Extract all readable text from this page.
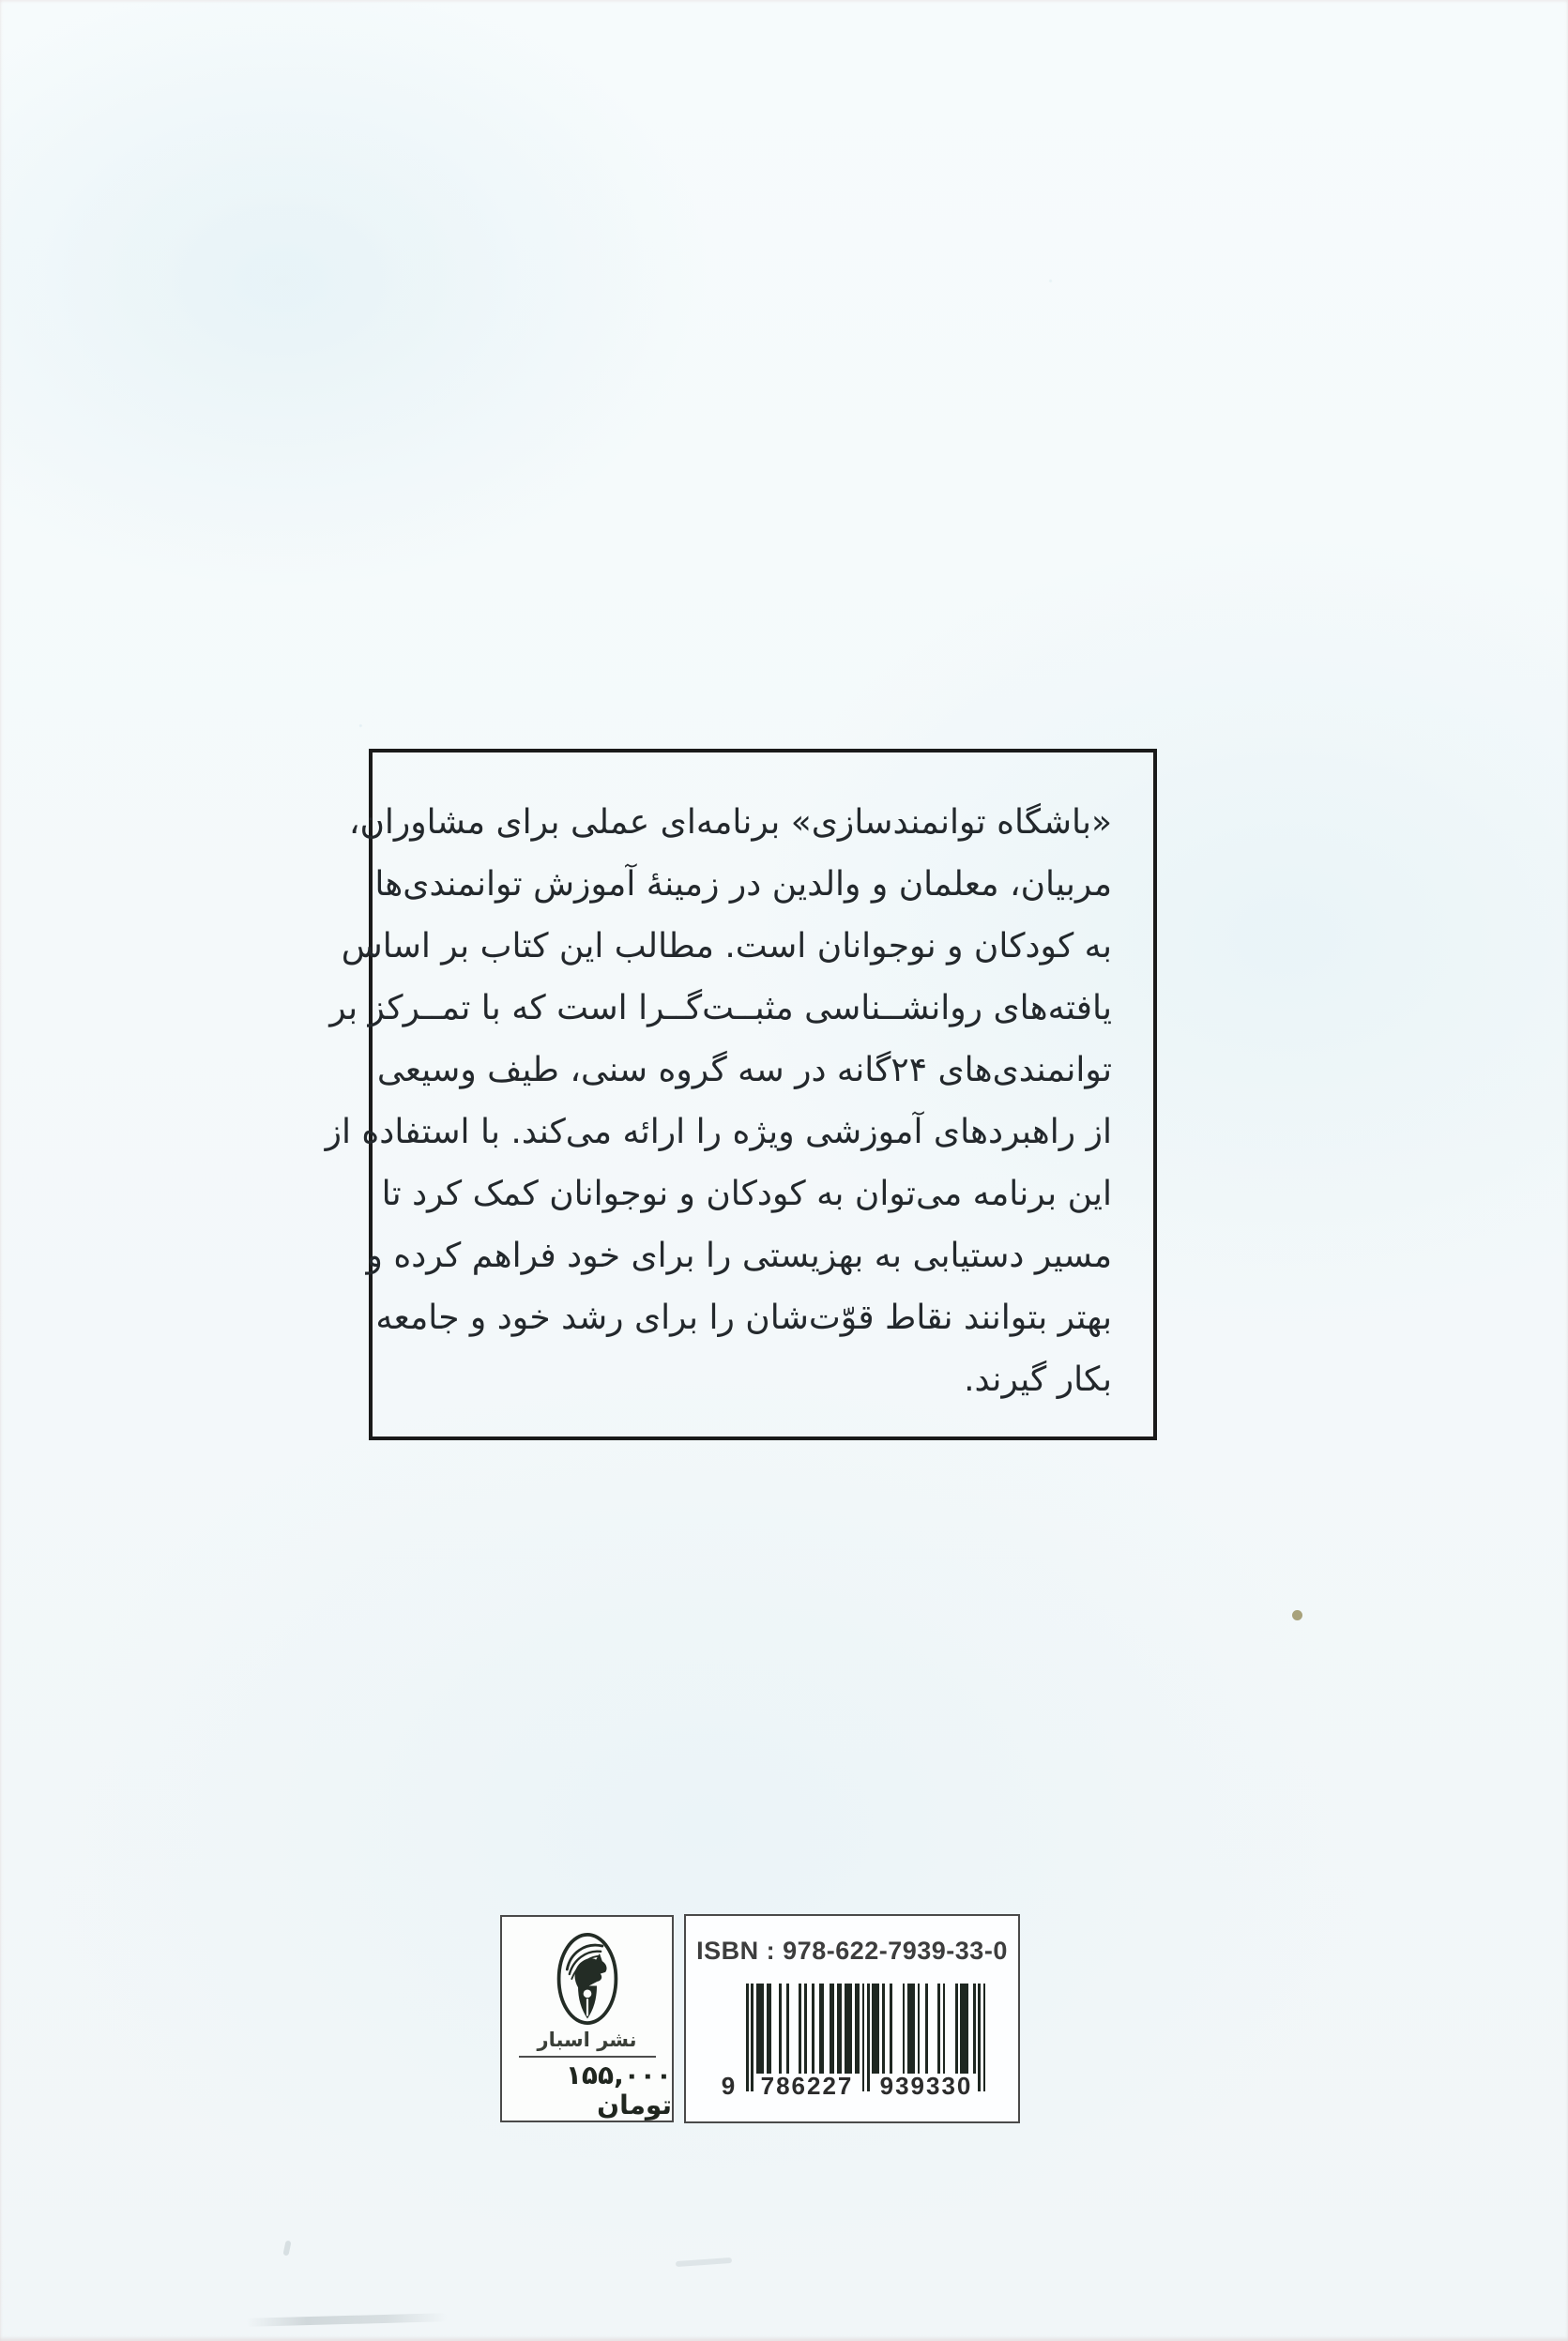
«باشگاه توانمندسازی» برنامه‌ای عملی برای مشاوران،
مربیان، معلمان و والدین در زمینهٔ آموزش توانمندی‌ها
به کودکان و نوجوانان است. مطالب این کتاب بر اساس
یافته‌های روانشــناسی مثبــت‌گــرا است که با تمــرکز بر
توانمندی‌های ۲۴گانه در سه گروه سنی، طیف وسیعی
از راهبردهای آموزشی ویژه را ارائه می‌کند. با استفاده از
این برنامه می‌توان به کودکان و نوجوانان کمک کرد تا
مسیر دستیابی به بهزیستی را برای خود فراهم کرده و
بهتر بتوانند نقاط قوّت‌شان را برای رشد خود و جامعه
بکار گیرند.
نشر اسبار
۱۵۵,۰۰۰ تومان
ISBN : 978-622-7939-33-0
9 786227 939330
